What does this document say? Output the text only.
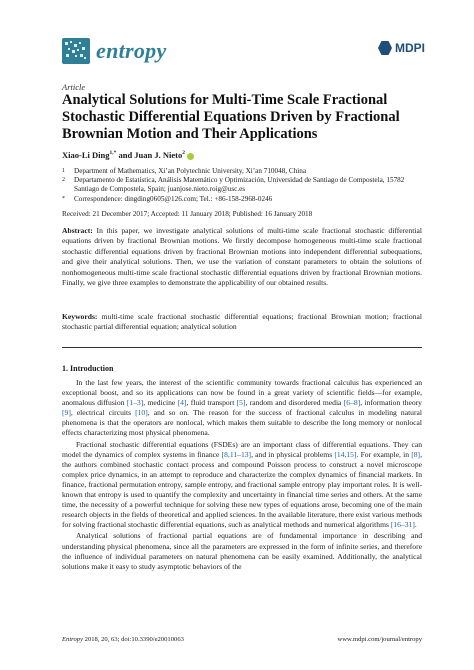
entropy	MDPI
Article
Analytical Solutions for Multi-Time Scale Fractional Stochastic Differential Equations Driven by Fractional Brownian Motion and Their Applications
Xiao-Li Ding$^{1,*}$ and Juan J. Nieto$^2$
1	Department of Mathematics, Xi’an Polytechnic University, Xi’an 710048, China
2	Departamento de Estatística, Análisis Matemático y Optimización, Universidad de Santiago de Compostela, 15782 Santiago de Compostela, Spain; juanjose.nieto.roig@usc.es
*	Correspondence: dingding0605@126.com; Tel.: +86-158-2968-0246
Received: 21 December 2017; Accepted: 11 January 2018; Published: 16 January 2018
Abstract: In this paper, we investigate analytical solutions of multi-time scale fractional stochastic differential equations driven by fractional Brownian motions. We firstly decompose homogeneous multi-time scale fractional stochastic differential equations driven by fractional Brownian motions into independent differential subequations, and give their analytical solutions. Then, we use the variation of constant parameters to obtain the solutions of nonhomogeneous multi-time scale fractional stochastic differential equations driven by fractional Brownian motions. Finally, we give three examples to demonstrate the applicability of our obtained results.
Keywords: multi-time scale fractional stochastic differential equations; fractional Brownian motion; fractional stochastic partial differential equation; analytical solution
1. Introduction

In the last few years, the interest of the scientific community towards fractional calculus has experienced an exceptional boost, and so its applications can now be found in a great variety of scientific fields—for example, anomalous diffusion [1–3], medicine [4], fluid transport [5], random and disordered media [6–8], information theory [9], electrical circuits [10], and so on. The reason for the success of fractional calculus in modeling natural phenomena is that the operators are nonlocal, which makes them suitable to describe the long memory or nonlocal effects characterizing most physical phenomena.

Fractional stochastic differential equations (FSDEs) are an important class of differential equations. They can model the dynamics of complex systems in finance [8,11–13], and in physical problems [14,15]. For example, in [8], the authors combined stochastic contact process and compound Poisson process to construct a novel microscope complex price dynamics, in an attempt to reproduce and characterize the complex dynamics of financial markets. In finance, fractional permutation entropy, sample entropy, and fractional sample entropy play important roles. It is well-known that entropy is used to quantify the complexity and uncertainty in financial time series and others. At the same time, the necessity of a powerful technique for solving these new types of equations arose, becoming one of the main research objects in the fields of theoretical and applied sciences. In the available literature, there exist various methods for solving fractional stochastic differential equations, such as analytical methods and numerical algorithms [16–31].

Analytical solutions of fractional partial equations are of fundamental importance in describing and understanding physical phenomena, since all the parameters are expressed in the form of infinite series, and therefore the influence of individual parameters on natural phenomena can be easily examined. Additionally, the analytical solutions make it easy to study asymptotic behaviors of the

Entropy 2018, 20, 63; doi:10.3390/e20010063	www.mdpi.com/journal/entropy
